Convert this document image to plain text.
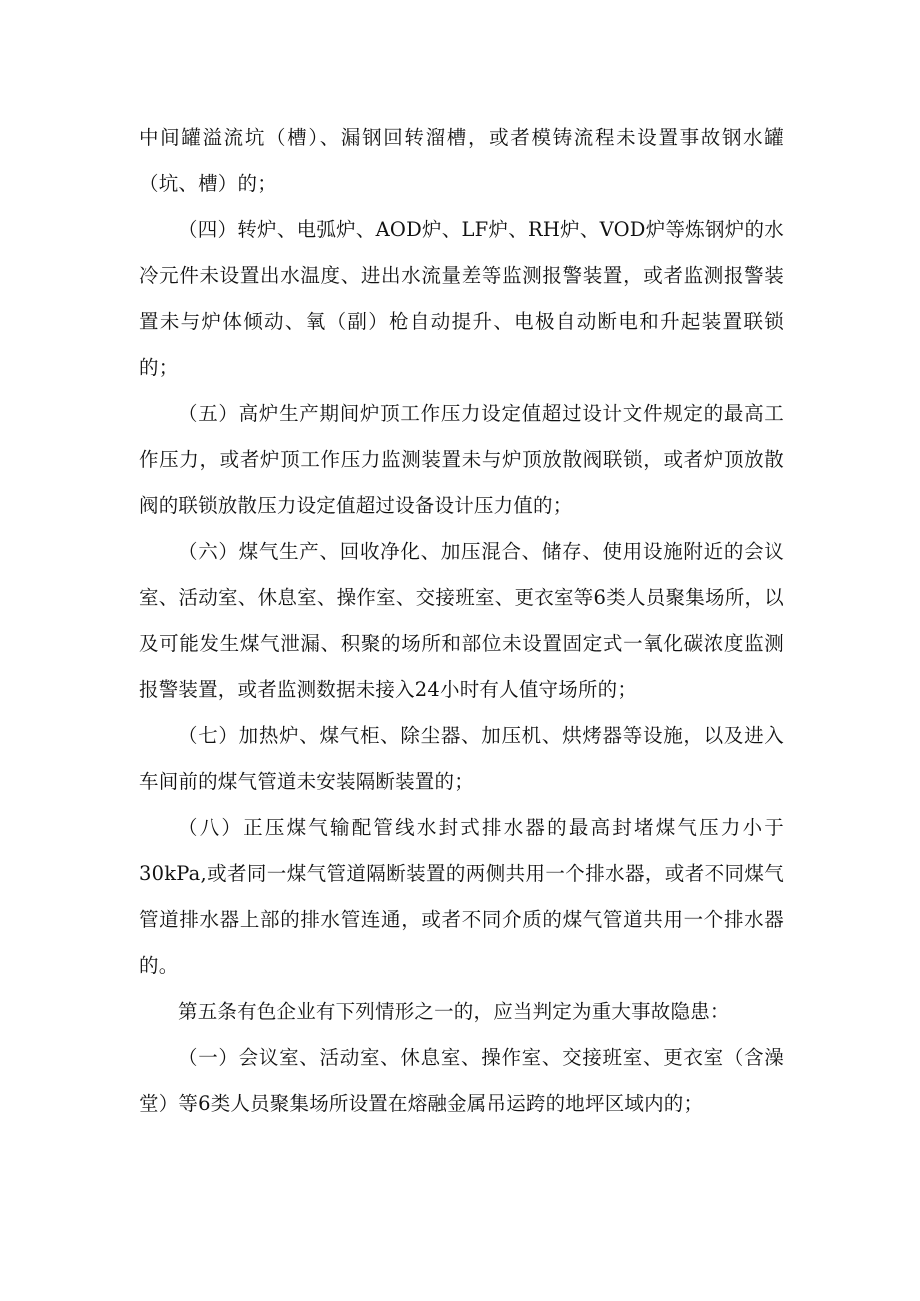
中间罐溢流坑（槽）、漏钢回转溜槽，或者模铸流程未设置事故钢水罐（坑、槽）的；

（四）转炉、电弧炉、AOD炉、LF炉、RH炉、VOD炉等炼钢炉的水冷元件未设置出水温度、进出水流量差等监测报警装置，或者监测报警装置未与炉体倾动、氧（副）枪自动提升、电极自动断电和升起装置联锁的；

（五）高炉生产期间炉顶工作压力设定值超过设计文件规定的最高工作压力，或者炉顶工作压力监测装置未与炉顶放散阀联锁，或者炉顶放散阀的联锁放散压力设定值超过设备设计压力值的；

（六）煤气生产、回收净化、加压混合、储存、使用设施附近的会议室、活动室、休息室、操作室、交接班室、更衣室等6类人员聚集场所，以及可能发生煤气泄漏、积聚的场所和部位未设置固定式一氧化碳浓度监测报警装置，或者监测数据未接入24小时有人值守场所的；

（七）加热炉、煤气柜、除尘器、加压机、烘烤器等设施，以及进入车间前的煤气管道未安装隔断装置的；

（八）正压煤气输配管线水封式排水器的最高封堵煤气压力小于30kPa,或者同一煤气管道隔断装置的两侧共用一个排水器，或者不同煤气管道排水器上部的排水管连通，或者不同介质的煤气管道共用一个排水器的。

第五条有色企业有下列情形之一的，应当判定为重大事故隐患：

（一）会议室、活动室、休息室、操作室、交接班室、更衣室（含澡堂）等6类人员聚集场所设置在熔融金属吊运跨的地坪区域内的；
